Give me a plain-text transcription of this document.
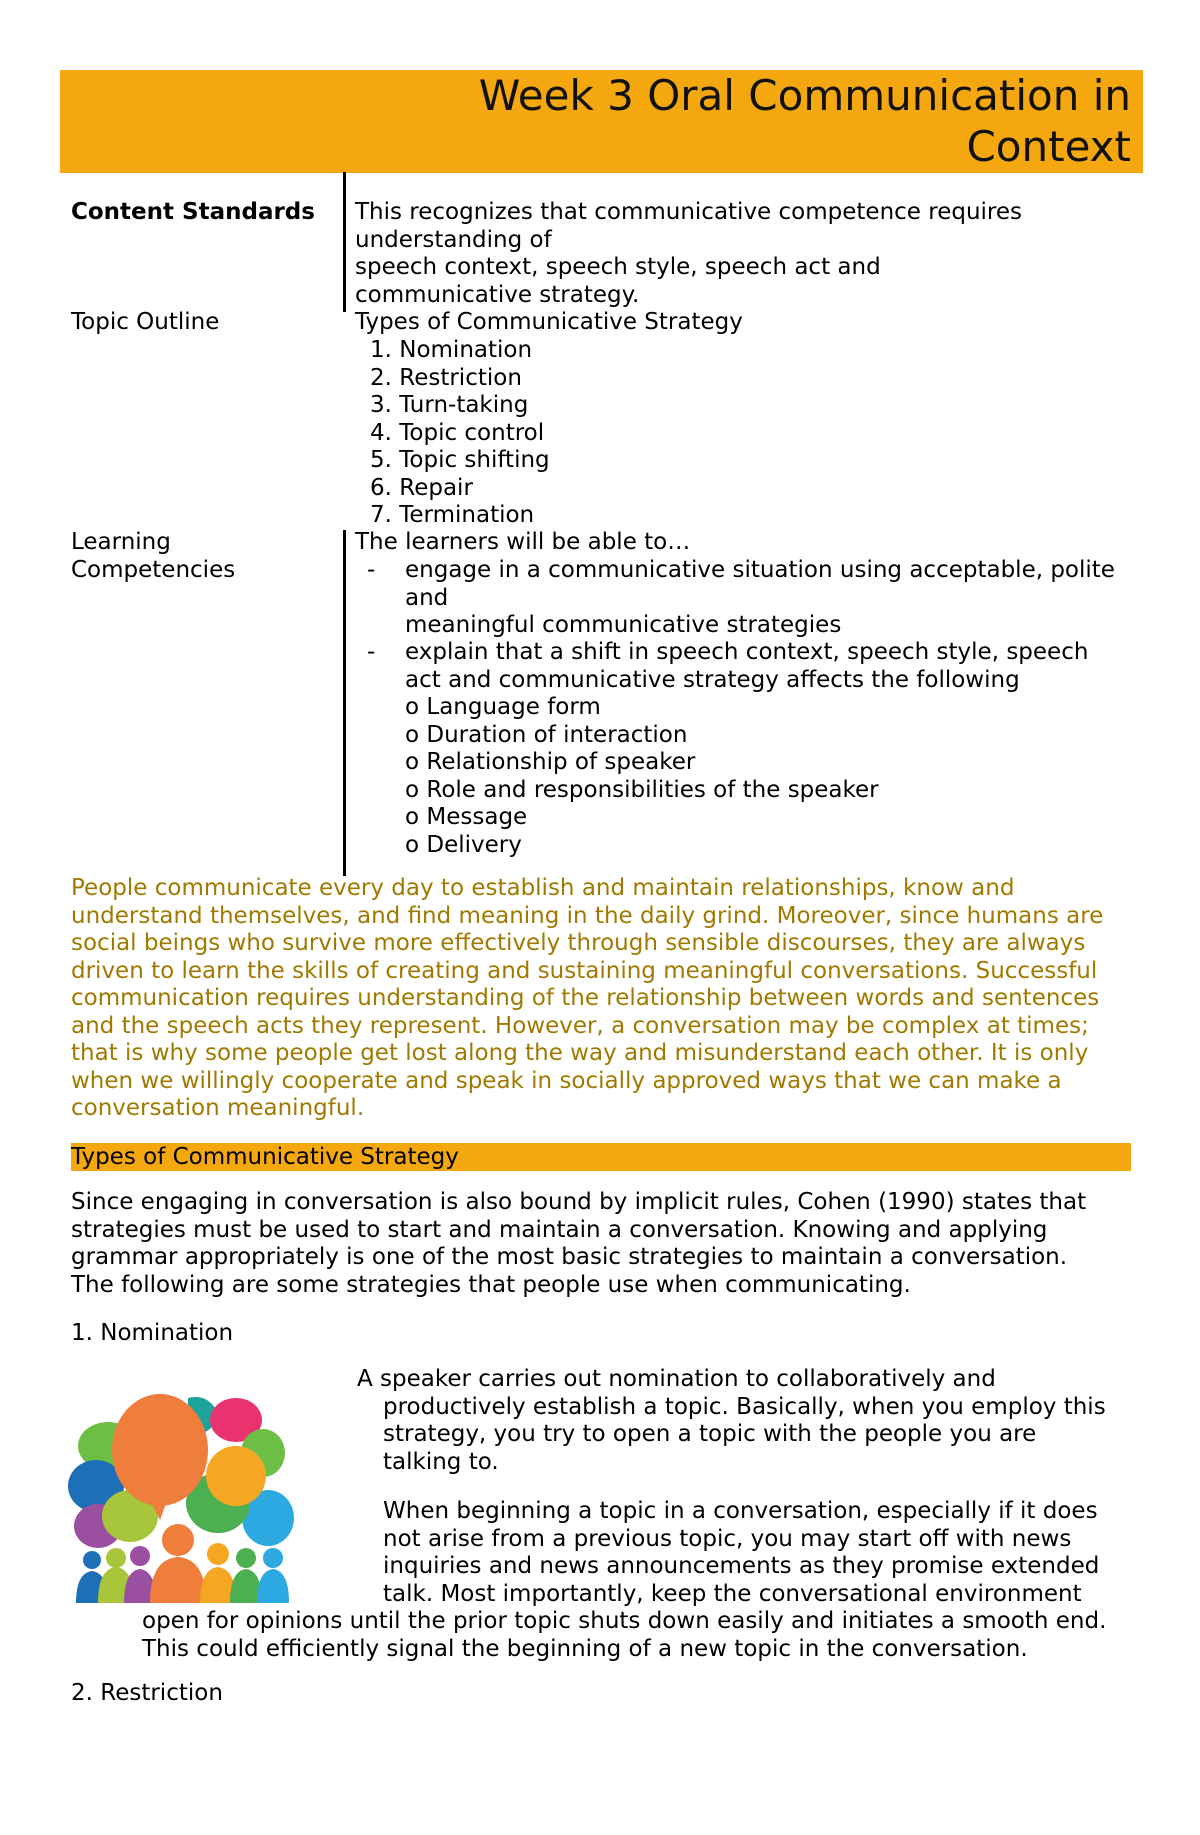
Week 3 Oral Communication in
Context
Content Standards This recognizes that communicative competence requires

understanding of

speech context, speech style, speech act and

communicative strategy.

Topic Outline	Types of Communicative Strategy
1. Nomination
2. Restriction
3. Turn-taking
4. Topic control
5. Topic shifting
6. Repair
7. Termination
Learning
Competencies
The learners will be able to…
- engage in a communicative situation using acceptable, polite
and
meaningful communicative strategies
- explain that a shift in speech context, speech style, speech
act and communicative strategy affects the following
o Language form
o Duration of interaction
o Relationship of speaker
o Role and responsibilities of the speaker
o Message
o Delivery
People communicate every day to establish and maintain relationships, know and
understand themselves, and find meaning in the daily grind. Moreover, since humans are
social beings who survive more effectively through sensible discourses, they are always
driven to learn the skills of creating and sustaining meaningful conversations. Successful
communication requires understanding of the relationship between words and sentences
and the speech acts they represent. However, a conversation may be complex at times;
that is why some people get lost along the way and misunderstand each other. It is only
when we willingly cooperate and speak in socially approved ways that we can make a
conversation meaningful.
Types of Communicative Strategy
Since engaging in conversation is also bound by implicit rules, Cohen (1990) states that
strategies must be used to start and maintain a conversation. Knowing and applying
grammar appropriately is one of the most basic strategies to maintain a conversation.
The following are some strategies that people use when communicating.
1. Nomination
A speaker carries out nomination to collaboratively and
productively establish a topic. Basically, when you employ this
strategy, you try to open a topic with the people you are
talking to.
When beginning a topic in a conversation, especially if it does
not arise from a previous topic, you may start off with news
inquiries and news announcements as they promise extended
talk. Most importantly, keep the conversational environment
open for opinions until the prior topic shuts down easily and initiates a smooth end.
This could efficiently signal the beginning of a new topic in the conversation.
2. Restriction
